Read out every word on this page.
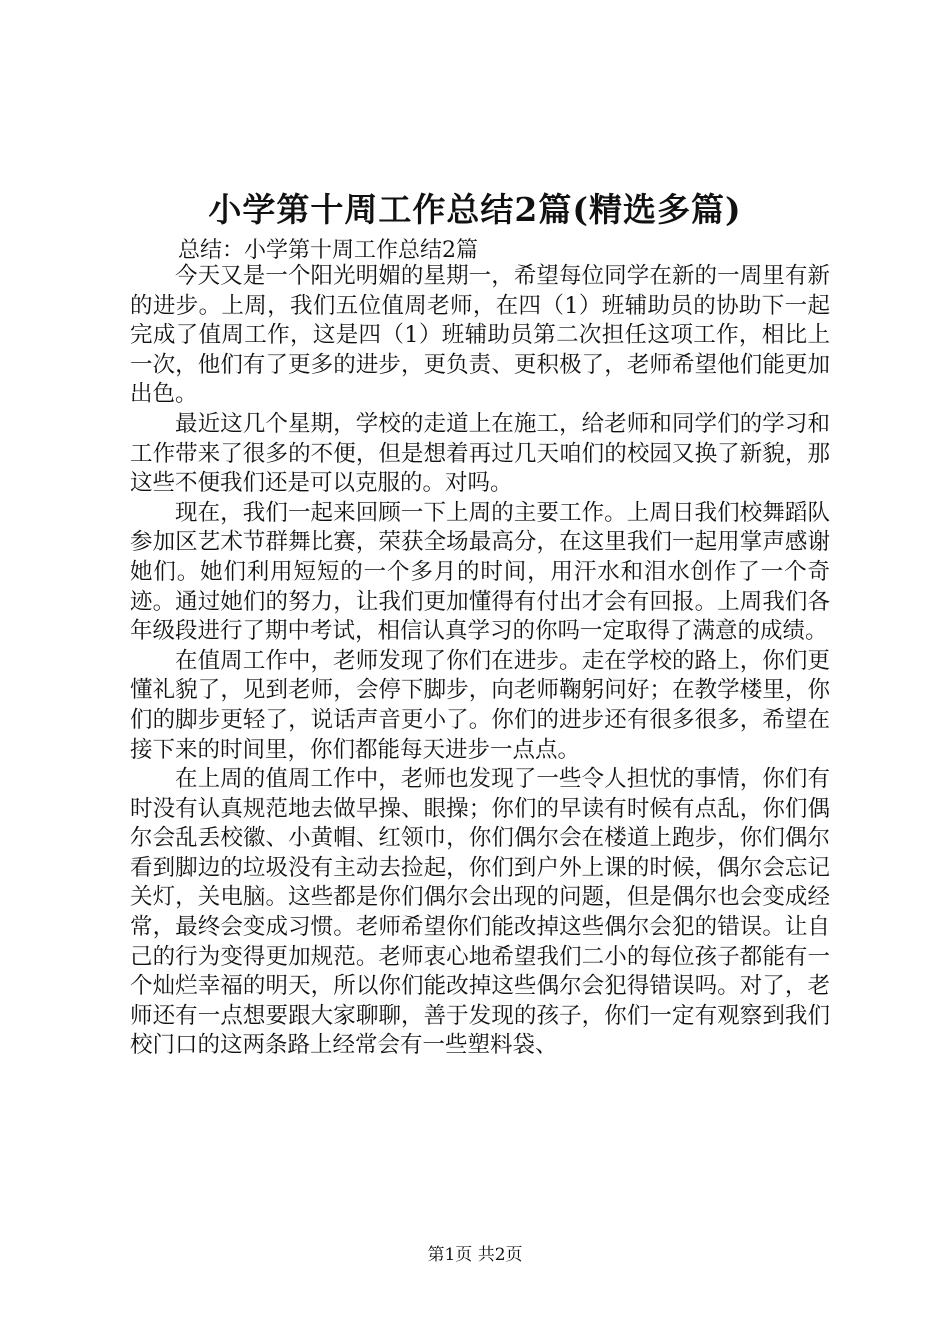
小学第十周工作总结2篇(精选多篇)
总结：小学第十周工作总结2篇

今天又是一个阳光明媚的星期一，希望每位同学在新的一周里有新的进步。上周，我们五位值周老师，在四（1）班辅助员的协助下一起完成了值周工作，这是四（1）班辅助员第二次担任这项工作，相比上一次，他们有了更多的进步，更负责、更积极了，老师希望他们能更加出色。

最近这几个星期，学校的走道上在施工，给老师和同学们的学习和工作带来了很多的不便，但是想着再过几天咱们的校园又换了新貌，那这些不便我们还是可以克服的。对吗。

现在，我们一起来回顾一下上周的主要工作。上周日我们校舞蹈队参加区艺术节群舞比赛，荣获全场最高分，在这里我们一起用掌声感谢她们。她们利用短短的一个多月的时间，用汗水和泪水创作了一个奇迹。通过她们的努力，让我们更加懂得有付出才会有回报。上周我们各年级段进行了期中考试，相信认真学习的你吗一定取得了满意的成绩。

在值周工作中，老师发现了你们在进步。走在学校的路上，你们更懂礼貌了，见到老师，会停下脚步，向老师鞠躬问好；在教学楼里，你们的脚步更轻了，说话声音更小了。你们的进步还有很多很多，希望在接下来的时间里，你们都能每天进步一点点。

在上周的值周工作中，老师也发现了一些令人担忧的事情，你们有时没有认真规范地去做早操、眼操；你们的早读有时候有点乱，你们偶尔会乱丢校徽、小黄帽、红领巾，你们偶尔会在楼道上跑步，你们偶尔看到脚边的垃圾没有主动去捡起，你们到户外上课的时候，偶尔会忘记关灯，关电脑。这些都是你们偶尔会出现的问题，但是偶尔也会变成经常，最终会变成习惯。老师希望你们能改掉这些偶尔会犯的错误。让自己的行为变得更加规范。老师衷心地希望我们二小的每位孩子都能有一个灿烂幸福的明天，所以你们能改掉这些偶尔会犯得错误吗。对了，老师还有一点想要跟大家聊聊，善于发现的孩子，你们一定有观察到我们校门口的这两条路上经常会有一些塑料袋、

第1页 共2页
